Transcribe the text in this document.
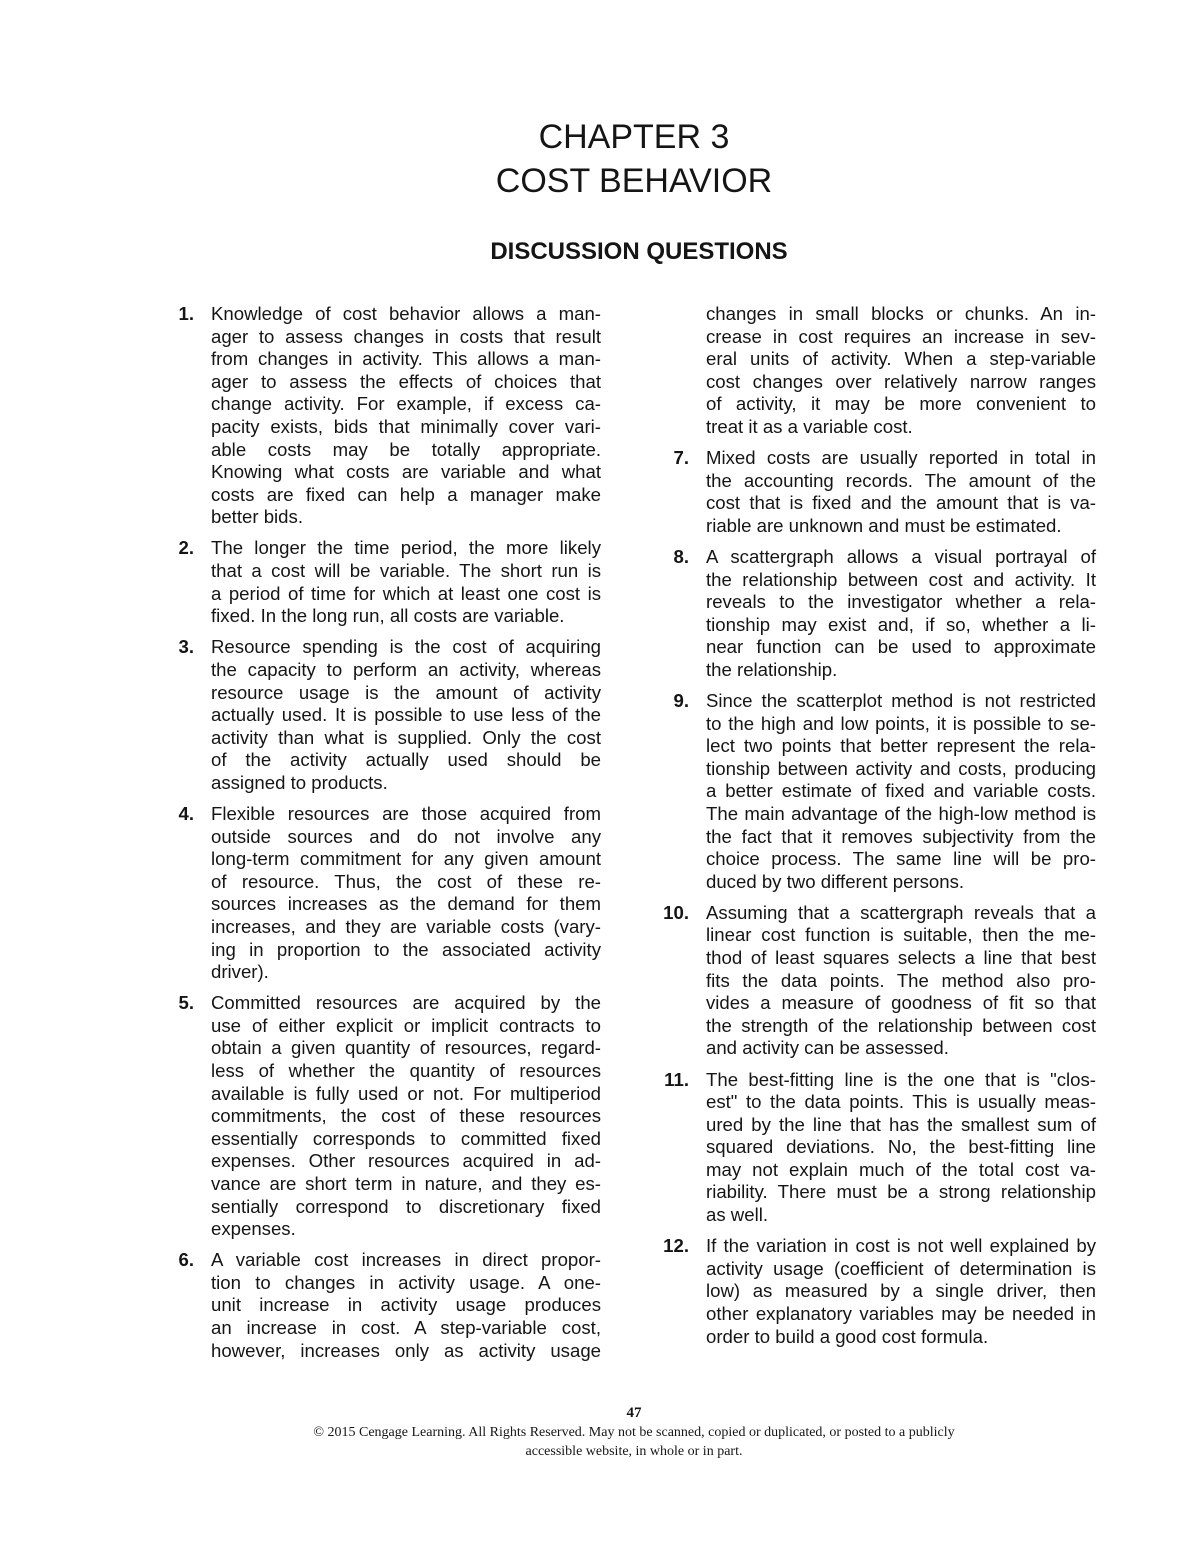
CHAPTER 3
COST BEHAVIOR
DISCUSSION QUESTIONS
1. Knowledge of cost behavior allows a man-
ager to assess changes in costs that result
from changes in activity. This allows a man-
ager to assess the effects of choices that
change activity. For example, if excess ca-
pacity exists, bids that minimally cover vari-
able costs may be totally appropriate.
Knowing what costs are variable and what
costs are fixed can help a manager make
better bids.
2. The longer the time period, the more likely
that a cost will be variable. The short run is
a period of time for which at least one cost is
fixed. In the long run, all costs are variable.
3. Resource spending is the cost of acquiring
the capacity to perform an activity, whereas
resource usage is the amount of activity
actually used. It is possible to use less of the
activity than what is supplied. Only the cost
of the activity actually used should be
assigned to products.
4. Flexible resources are those acquired from
outside sources and do not involve any
long-term commitment for any given amount
of resource. Thus, the cost of these re-
sources increases as the demand for them
increases, and they are variable costs (vary-
ing in proportion to the associated activity
driver).
5. Committed resources are acquired by the
use of either explicit or implicit contracts to
obtain a given quantity of resources, regard-
less of whether the quantity of resources
available is fully used or not. For multiperiod
commitments, the cost of these resources
essentially corresponds to committed fixed
expenses. Other resources acquired in ad-
vance are short term in nature, and they es-
sentially correspond to discretionary fixed
expenses.
6. A variable cost increases in direct propor-
tion to changes in activity usage. A one-
unit increase in activity usage produces
an increase in cost. A step-variable cost,
however, increases only as activity usage
changes in small blocks or chunks. An in-
crease in cost requires an increase in sev-
eral units of activity. When a step-variable
cost changes over relatively narrow ranges
of activity, it may be more convenient to
treat it as a variable cost.
7. Mixed costs are usually reported in total in
the accounting records. The amount of the
cost that is fixed and the amount that is va-
riable are unknown and must be estimated.
8. A scattergraph allows a visual portrayal of
the relationship between cost and activity. It
reveals to the investigator whether a rela-
tionship may exist and, if so, whether a li-
near function can be used to approximate
the relationship.
9. Since the scatterplot method is not restricted
to the high and low points, it is possible to se-
lect two points that better represent the rela-
tionship between activity and costs, producing
a better estimate of fixed and variable costs.
The main advantage of the high-low method is
the fact that it removes subjectivity from the
choice process. The same line will be pro-
duced by two different persons.
10. Assuming that a scattergraph reveals that a
linear cost function is suitable, then the me-
thod of least squares selects a line that best
fits the data points. The method also pro-
vides a measure of goodness of fit so that
the strength of the relationship between cost
and activity can be assessed.
11. The best-fitting line is the one that is "clos-
est" to the data points. This is usually meas-
ured by the line that has the smallest sum of
squared deviations. No, the best-fitting line
may not explain much of the total cost va-
riability. There must be a strong relationship
as well.
12. If the variation in cost is not well explained by
activity usage (coefficient of determination is
low) as measured by a single driver, then
other explanatory variables may be needed in
order to build a good cost formula.
47
© 2015 Cengage Learning. All Rights Reserved. May not be scanned, copied or duplicated, or posted to a publicly
accessible website, in whole or in part.
